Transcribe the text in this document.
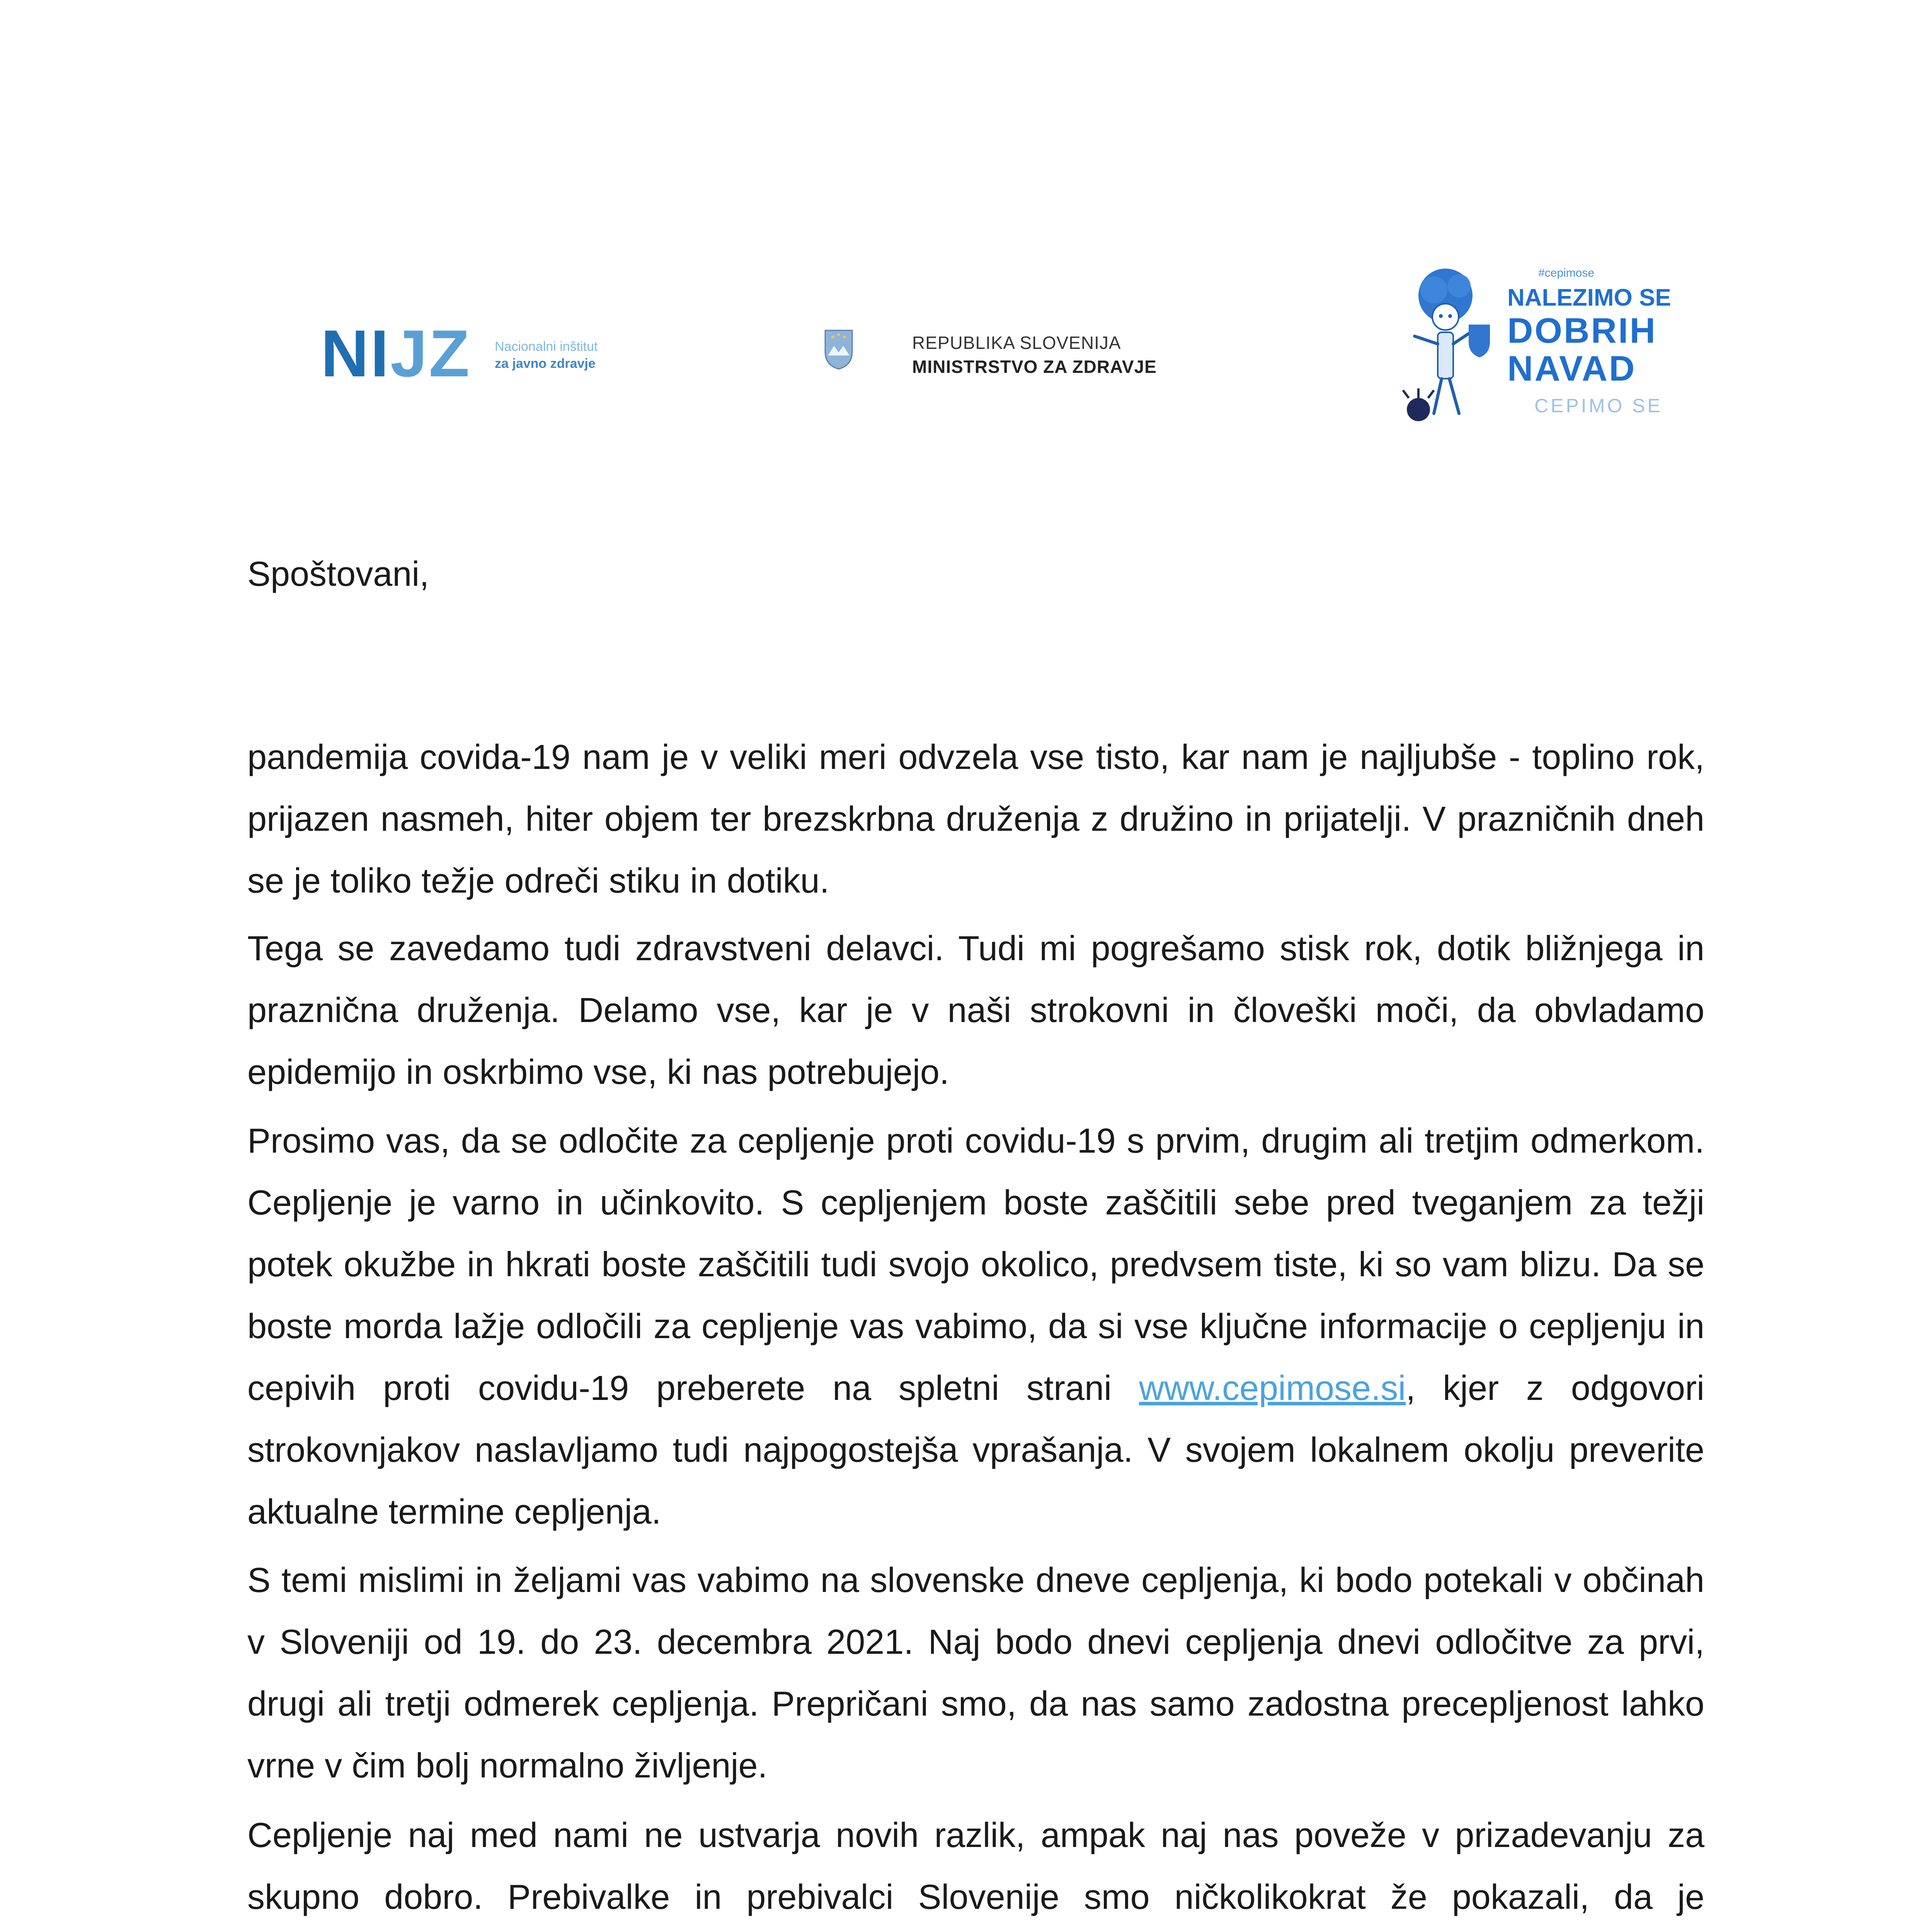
NIJZ Nacionalni inštitut
za javno zdravje
REPUBLIKA SLOVENIJA
MINISTRSTVO ZA ZDRAVJE
#cepimose
NALEZIMO SE
DOBRIH
NAVAD
CEPIMO SE
Spoštovani,

pandemija covida-19 nam je v veliki meri odvzela vse tisto, kar nam je najljubše - toplino rok, prijazen nasmeh, hiter objem ter brezskrbna druženja z družino in prijatelji. V prazničnih dneh se je toliko težje odreči stiku in dotiku.

Tega se zavedamo tudi zdravstveni delavci. Tudi mi pogrešamo stisk rok, dotik bližnjega in praznična druženja. Delamo vse, kar je v naši strokovni in človeški moči, da obvladamo epidemijo in oskrbimo vse, ki nas potrebujejo.

Prosimo vas, da se odločite za cepljenje proti covidu-19 s prvim, drugim ali tretjim odmerkom. Cepljenje je varno in učinkovito. S cepljenjem boste zaščitili sebe pred tveganjem za težji potek okužbe in hkrati boste zaščitili tudi svojo okolico, predvsem tiste, ki so vam blizu. Da se boste morda lažje odločili za cepljenje vas vabimo, da si vse ključne informacije o cepljenju in cepivih proti covidu-19 preberete na spletni strani www.cepimose.si, kjer z odgovori strokovnjakov naslavljamo tudi najpogostejša vprašanja. V svojem lokalnem okolju preverite aktualne termine cepljenja.

S temi mislimi in željami vas vabimo na slovenske dneve cepljenja, ki bodo potekali v občinah v Sloveniji od 19. do 23. decembra 2021. Naj bodo dnevi cepljenja dnevi odločitve za prvi, drugi ali tretji odmerek cepljenja. Prepričani smo, da nas samo zadostna precepljenost lahko vrne v čim bolj normalno življenje.

Cepljenje naj med nami ne ustvarja novih razlik, ampak naj nas poveže v prizadevanju za skupno dobro. Prebivalke in prebivalci Slovenije smo ničkolikokrat že pokazali, da je
